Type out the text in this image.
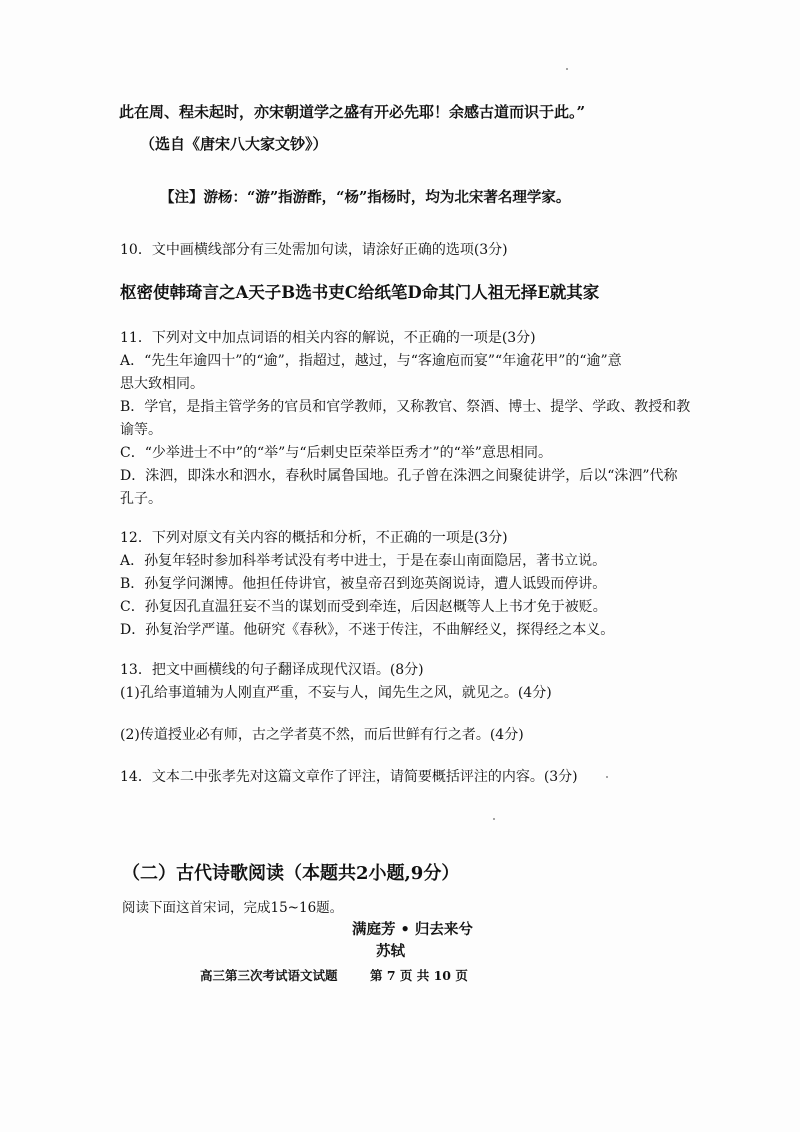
此在周、程未起时，亦宋朝道学之盛有开必先耶！余感古道而识于此。”
（选自《唐宋八大家文钞》）
【注】游杨：“游”指游酢，“杨”指杨时，均为北宋著名理学家。
10．文中画横线部分有三处需加句读，请涂好正确的选项(3分)
枢密使韩琦言之A天子B选书吏C给纸笔D命其门人祖无择E就其家
11．下列对文中加点词语的相关内容的解说，不正确的一项是(3分)
A．“先生年逾四十”的“逾”，指超过，越过，与“客逾庖而宴”“年逾花甲”的“逾”意
思大致相同。
B．学官，是指主管学务的官员和官学教师，又称教官、祭酒、博士、提学、学政、教授和教
谕等。
C．“少举进士不中”的“举”与“后剌史臣荣举臣秀才”的“举”意思相同。
D．洙泗，即洙水和泗水，春秋时属鲁国地。孔子曾在洙泗之间聚徒讲学，后以“洙泗”代称
孔子。
12．下列对原文有关内容的概括和分析，不正确的一项是(3分)
A．孙复年轻时参加科举考试没有考中进士，于是在泰山南面隐居，著书立说。
B．孙复学问渊博。他担任侍讲官，被皇帝召到迩英阁说诗，遭人诋毁而停讲。
C．孙复因孔直温狂妄不当的谋划而受到牵连，后因赵概等人上书才免于被贬。
D．孙复治学严谨。他研究《春秋》，不迷于传注，不曲解经义，探得经之本义。
13．把文中画横线的句子翻译成现代汉语。(8分)
(1)孔给事道辅为人刚直严重，不妄与人，闻先生之风，就见之。(4分)
(2)传道授业必有师，古之学者莫不然，而后世鲜有行之者。(4分)
14．文本二中张孝先对这篇文章作了评注，请简要概括评注的内容。(3分)
（二）古代诗歌阅读（本题共2小题,9分）
阅读下面这首宋词，完成15~16题。
满庭芳 • 归去来兮
苏轼
高三第三次考试语文试题	第 7 页 共 10 页
